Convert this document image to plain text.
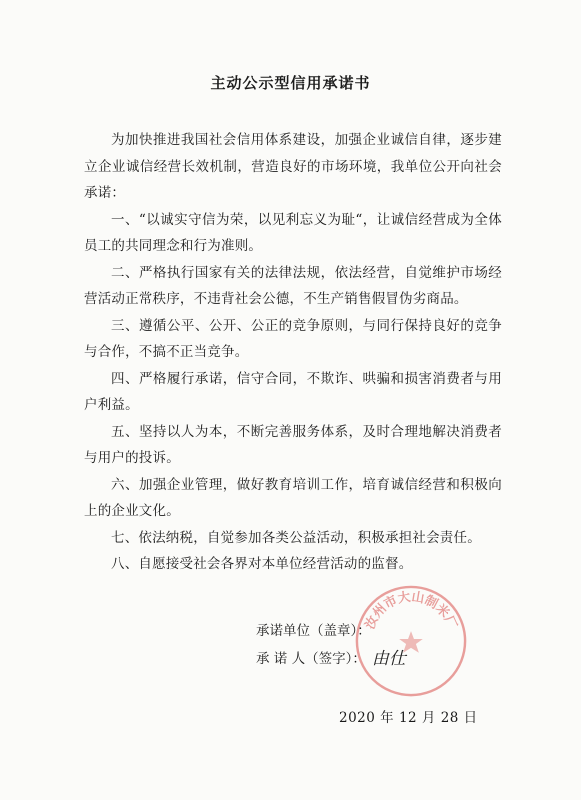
主动公示型信用承诺书

为加快推进我国社会信用体系建设，加强企业诚信自律，逐步建立企业诚信经营长效机制，营造良好的市场环境，我单位公开向社会承诺：

一、“以诚实守信为荣，以见利忘义为耻“，让诚信经营成为全体员工的共同理念和行为准则。

二、严格执行国家有关的法律法规，依法经营，自觉维护市场经营活动正常秩序，不违背社会公德，不生产销售假冒伪劣商品。

三、遵循公平、公开、公正的竞争原则，与同行保持良好的竞争与合作，不搞不正当竞争。

四、严格履行承诺，信守合同，不欺诈、哄骗和损害消费者与用户利益。

五、坚持以人为本，不断完善服务体系，及时合理地解决消费者与用户的投诉。

六、加强企业管理，做好教育培训工作，培育诚信经营和积极向上的企业文化。

七、依法纳税，自觉参加各类公益活动，积极承担社会责任。

八、自愿接受社会各界对本单位经营活动的监督。

汝州市大山制米厂
承诺单位（盖章）：
承 诺 人（签字）： 由仕
2020 年 12 月 28 日
